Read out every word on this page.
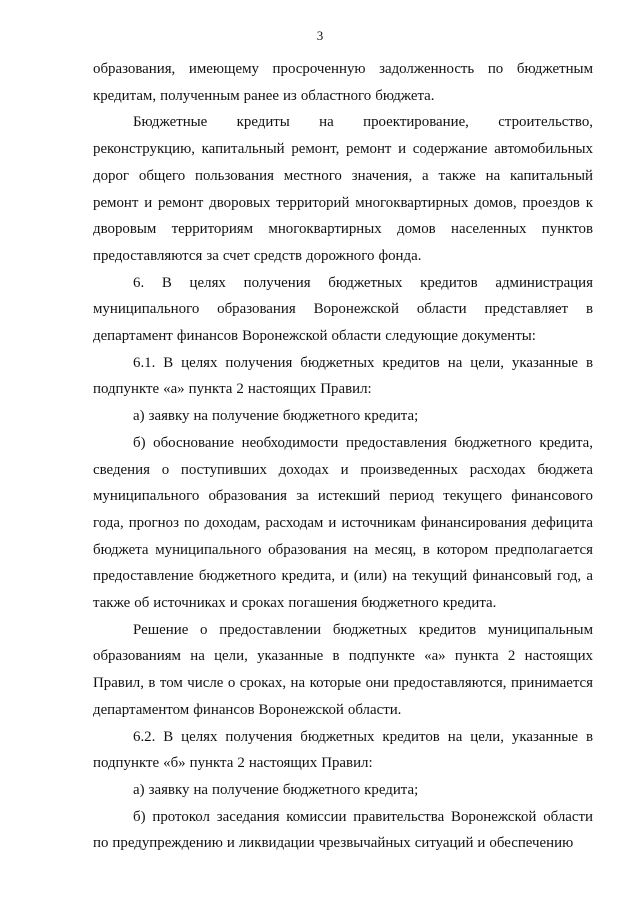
3

образования, имеющему просроченную задолженность по бюджетным кредитам, полученным ранее из областного бюджета.

Бюджетные кредиты на проектирование, строительство, реконструкцию, капитальный ремонт, ремонт и содержание автомобильных дорог общего пользования местного значения, а также на капитальный ремонт и ремонт дворовых территорий многоквартирных домов, проездов к дворовым территориям многоквартирных домов населенных пунктов предоставляются за счет средств дорожного фонда.

6. В целях получения бюджетных кредитов администрация муниципального образования Воронежской области представляет в департамент финансов Воронежской области следующие документы:

6.1. В целях получения бюджетных кредитов на цели, указанные в подпункте «а» пункта 2 настоящих Правил:

а) заявку на получение бюджетного кредита;

б) обоснование необходимости предоставления бюджетного кредита, сведения о поступивших доходах и произведенных расходах бюджета муниципального образования за истекший период текущего финансового года, прогноз по доходам, расходам и источникам финансирования дефицита бюджета муниципального образования на месяц, в котором предполагается предоставление бюджетного кредита, и (или) на текущий финансовый год, а также об источниках и сроках погашения бюджетного кредита.

Решение о предоставлении бюджетных кредитов муниципальным образованиям на цели, указанные в подпункте «а» пункта 2 настоящих Правил, в том числе о сроках, на которые они предоставляются, принимается департаментом финансов Воронежской области.

6.2. В целях получения бюджетных кредитов на цели, указанные в подпункте «б» пункта 2 настоящих Правил:

а) заявку на получение бюджетного кредита;

б) протокол заседания комиссии правительства Воронежской области по предупреждению и ликвидации чрезвычайных ситуаций и обеспечению
